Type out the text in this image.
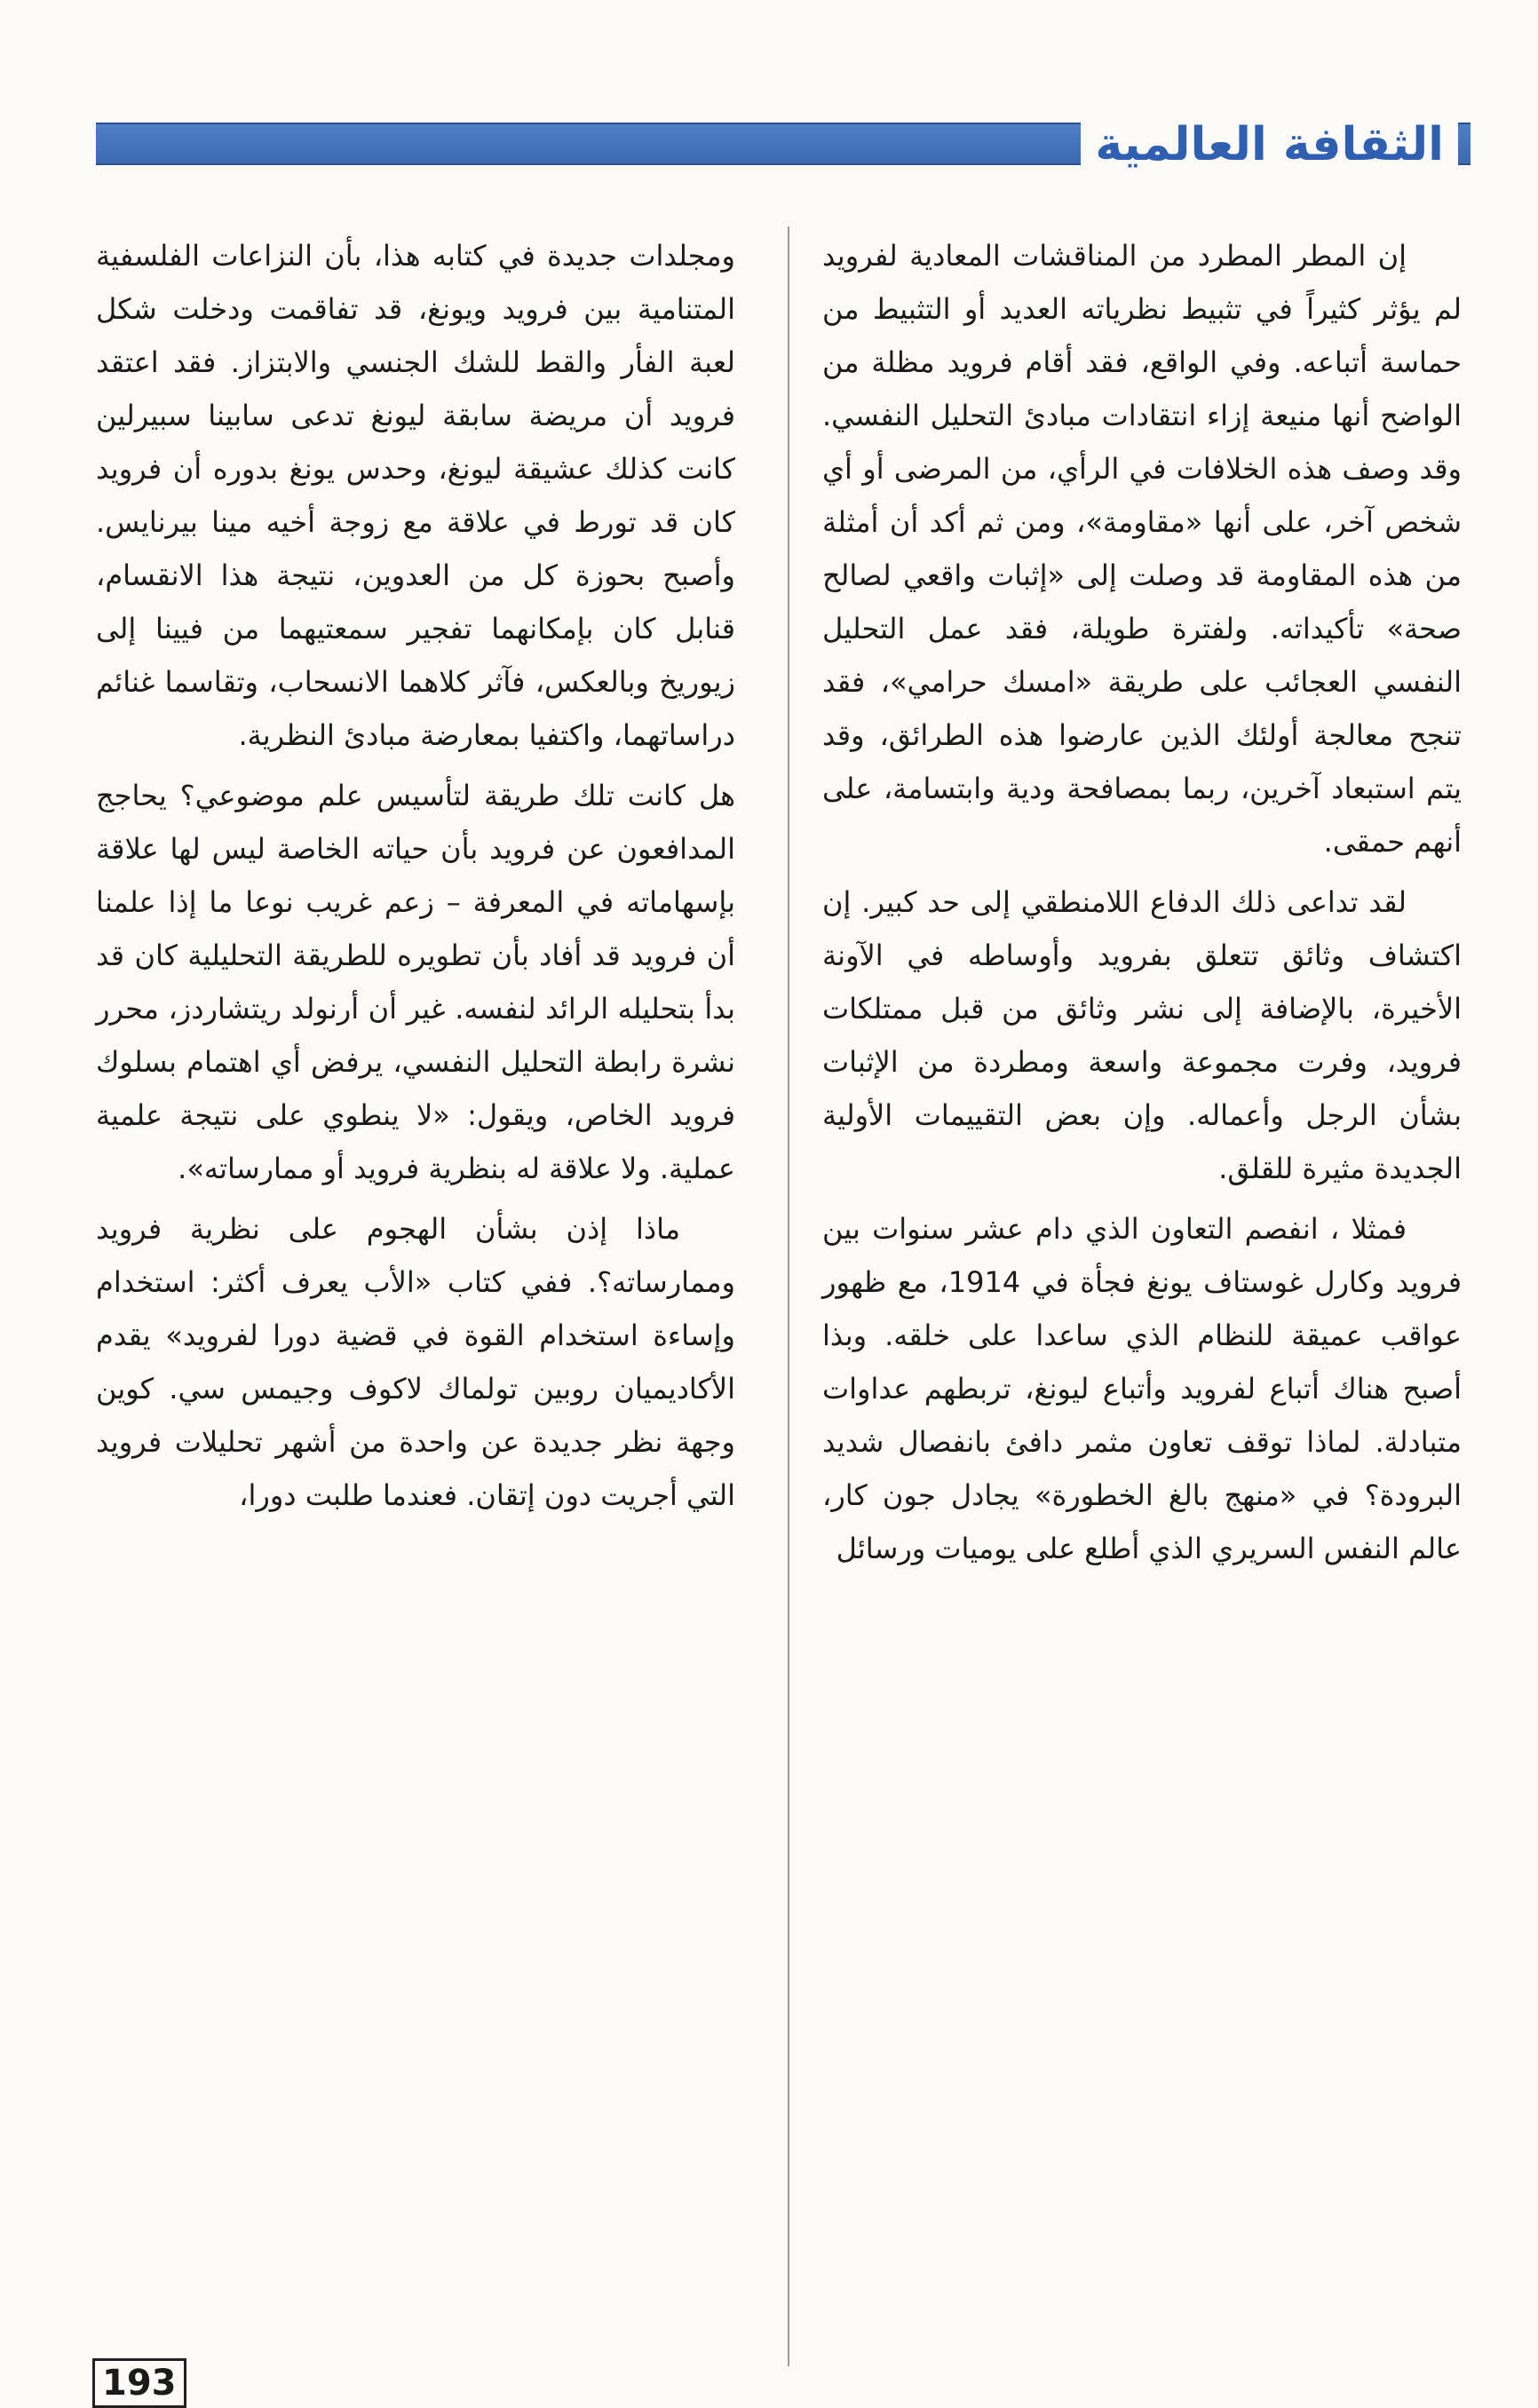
الثقافة العالمية

إن المطر المطرد من المناقشات المعادية لفرويد لم يؤثر كثيراً في تثبيط نظرياته العديد أو التثبيط من حماسة أتباعه. وفي الواقع، فقد أقام فرويد مظلة من الواضح أنها منيعة إزاء انتقادات مبادئ التحليل النفسي. وقد وصف هذه الخلافات في الرأي، من المرضى أو أي شخص آخر، على أنها «مقاومة»، ومن ثم أكد أن أمثلة من هذه المقاومة قد وصلت إلى «إثبات واقعي لصالح صحة» تأكيداته. ولفترة طويلة، فقد عمل التحليل النفسي العجائب على طريقة «امسك حرامي»، فقد تنجح معالجة أولئك الذين عارضوا هذه الطرائق، وقد يتم استبعاد آخرين، ربما بمصافحة ودية وابتسامة، على أنهم حمقى.

لقد تداعى ذلك الدفاع اللامنطقي إلى حد كبير. إن اكتشاف وثائق تتعلق بفرويد وأوساطه في الآونة الأخيرة، بالإضافة إلى نشر وثائق من قبل ممتلكات فرويد، وفرت مجموعة واسعة ومطردة من الإثبات بشأن الرجل وأعماله. وإن بعض التقييمات الأولية الجديدة مثيرة للقلق.

فمثلا ، انفصم التعاون الذي دام عشر سنوات بين فرويد وكارل غوستاف يونغ فجأة في 1914، مع ظهور عواقب عميقة للنظام الذي ساعدا على خلقه. وبذا أصبح هناك أتباع لفرويد وأتباع ليونغ، تربطهم عداوات متبادلة. لماذا توقف تعاون مثمر دافئ بانفصال شديد البرودة؟ في «منهج بالغ الخطورة» يجادل جون كار، عالم النفس السريري الذي أطلع على يوميات ورسائل

ومجلدات جديدة في كتابه هذا، بأن النزاعات الفلسفية المتنامية بين فرويد ويونغ، قد تفاقمت ودخلت شكل لعبة الفأر والقط للشك الجنسي والابتزاز. فقد اعتقد فرويد أن مريضة سابقة ليونغ تدعى سابينا سبيرلين كانت كذلك عشيقة ليونغ، وحدس يونغ بدوره أن فرويد كان قد تورط في علاقة مع زوجة أخيه مينا بيرنايس. وأصبح بحوزة كل من العدوين، نتيجة هذا الانقسام، قنابل كان بإمكانهما تفجير سمعتيهما من فيينا إلى زيوريخ وبالعكس، فآثر كلاهما الانسحاب، وتقاسما غنائم دراساتهما، واكتفيا بمعارضة مبادئ النظرية.

هل كانت تلك طريقة لتأسيس علم موضوعي؟ يحاجج المدافعون عن فرويد بأن حياته الخاصة ليس لها علاقة بإسهاماته في المعرفة – زعم غريب نوعا ما إذا علمنا أن فرويد قد أفاد بأن تطويره للطريقة التحليلية كان قد بدأ بتحليله الرائد لنفسه. غير أن أرنولد ريتشاردز، محرر نشرة رابطة التحليل النفسي، يرفض أي اهتمام بسلوك فرويد الخاص، ويقول: «لا ينطوي على نتيجة علمية عملية. ولا علاقة له بنظرية فرويد أو ممارساته».

ماذا إذن بشأن الهجوم على نظرية فرويد وممارساته؟. ففي كتاب «الأب يعرف أكثر: استخدام وإساءة استخدام القوة في قضية دورا لفرويد» يقدم الأكاديميان روبين تولماك لاكوف وجيمس سي. كوين وجهة نظر جديدة عن واحدة من أشهر تحليلات فرويد التي أجريت دون إتقان. فعندما طلبت دورا،

193
